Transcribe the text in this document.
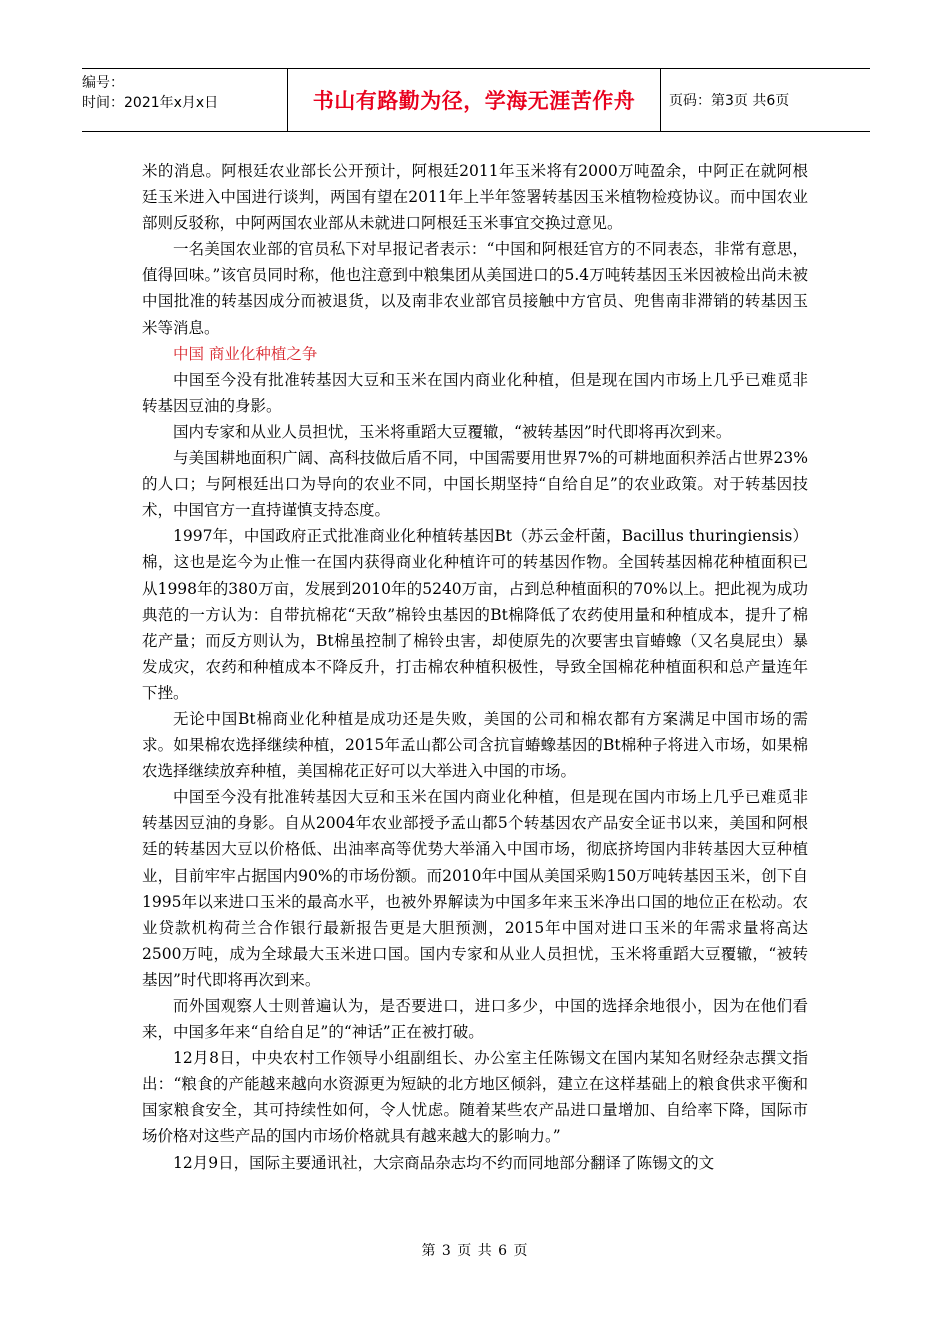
编号：
时间：2021年x月x日	书山有路勤为径，学海无涯苦作舟	页码：第3页 共6页

米的消息。阿根廷农业部长公开预计，阿根廷2011年玉米将有2000万吨盈余，中阿正在就阿根廷玉米进入中国进行谈判，两国有望在2011年上半年签署转基因玉米植物检疫协议。而中国农业部则反驳称，中阿两国农业部从未就进口阿根廷玉米事宜交换过意见。

一名美国农业部的官员私下对早报记者表示：“中国和阿根廷官方的不同表态，非常有意思，值得回味。”该官员同时称，他也注意到中粮集团从美国进口的5.4万吨转基因玉米因被检出尚未被中国批准的转基因成分而被退货，以及南非农业部官员接触中方官员、兜售南非滞销的转基因玉米等消息。

中国 商业化种植之争

中国至今没有批准转基因大豆和玉米在国内商业化种植，但是现在国内市场上几乎已难觅非转基因豆油的身影。

国内专家和从业人员担忧，玉米将重蹈大豆覆辙，“被转基因”时代即将再次到来。

与美国耕地面积广阔、高科技做后盾不同，中国需要用世界7%的可耕地面积养活占世界23%的人口；与阿根廷出口为导向的农业不同，中国长期坚持“自给自足”的农业政策。对于转基因技术，中国官方一直持谨慎支持态度。

1997年，中国政府正式批准商业化种植转基因Bt（苏云金杆菌，Bacillus thuringiensis）棉，这也是迄今为止惟一在国内获得商业化种植许可的转基因作物。全国转基因棉花种植面积已从1998年的380万亩，发展到2010年的5240万亩，占到总种植面积的70%以上。把此视为成功典范的一方认为：自带抗棉花“天敌”棉铃虫基因的Bt棉降低了农药使用量和种植成本，提升了棉花产量；而反方则认为，Bt棉虽控制了棉铃虫害，却使原先的次要害虫盲蝽蟓（又名臭屁虫）暴发成灾，农药和种植成本不降反升，打击棉农种植积极性，导致全国棉花种植面积和总产量连年下挫。

无论中国Bt棉商业化种植是成功还是失败，美国的公司和棉农都有方案满足中国市场的需求。如果棉农选择继续种植，2015年孟山都公司含抗盲蝽蟓基因的Bt棉种子将进入市场，如果棉农选择继续放弃种植，美国棉花正好可以大举进入中国的市场。

中国至今没有批准转基因大豆和玉米在国内商业化种植，但是现在国内市场上几乎已难觅非转基因豆油的身影。自从2004年农业部授予孟山都5个转基因农产品安全证书以来，美国和阿根廷的转基因大豆以价格低、出油率高等优势大举涌入中国市场，彻底挤垮国内非转基因大豆种植业，目前牢牢占据国内90%的市场份额。而2010年中国从美国采购150万吨转基因玉米，创下自1995年以来进口玉米的最高水平，也被外界解读为中国多年来玉米净出口国的地位正在松动。农业贷款机构荷兰合作银行最新报告更是大胆预测，2015年中国对进口玉米的年需求量将高达2500万吨，成为全球最大玉米进口国。国内专家和从业人员担忧，玉米将重蹈大豆覆辙，“被转基因”时代即将再次到来。

而外国观察人士则普遍认为，是否要进口，进口多少，中国的选择余地很小，因为在他们看来，中国多年来“自给自足”的“神话”正在被打破。

12月8日，中央农村工作领导小组副组长、办公室主任陈锡文在国内某知名财经杂志撰文指出：“粮食的产能越来越向水资源更为短缺的北方地区倾斜，建立在这样基础上的粮食供求平衡和国家粮食安全，其可持续性如何，令人忧虑。随着某些农产品进口量增加、自给率下降，国际市场价格对这些产品的国内市场价格就具有越来越大的影响力。”

12月9日，国际主要通讯社，大宗商品杂志均不约而同地部分翻译了陈锡文的文

第 3 页 共 6 页
